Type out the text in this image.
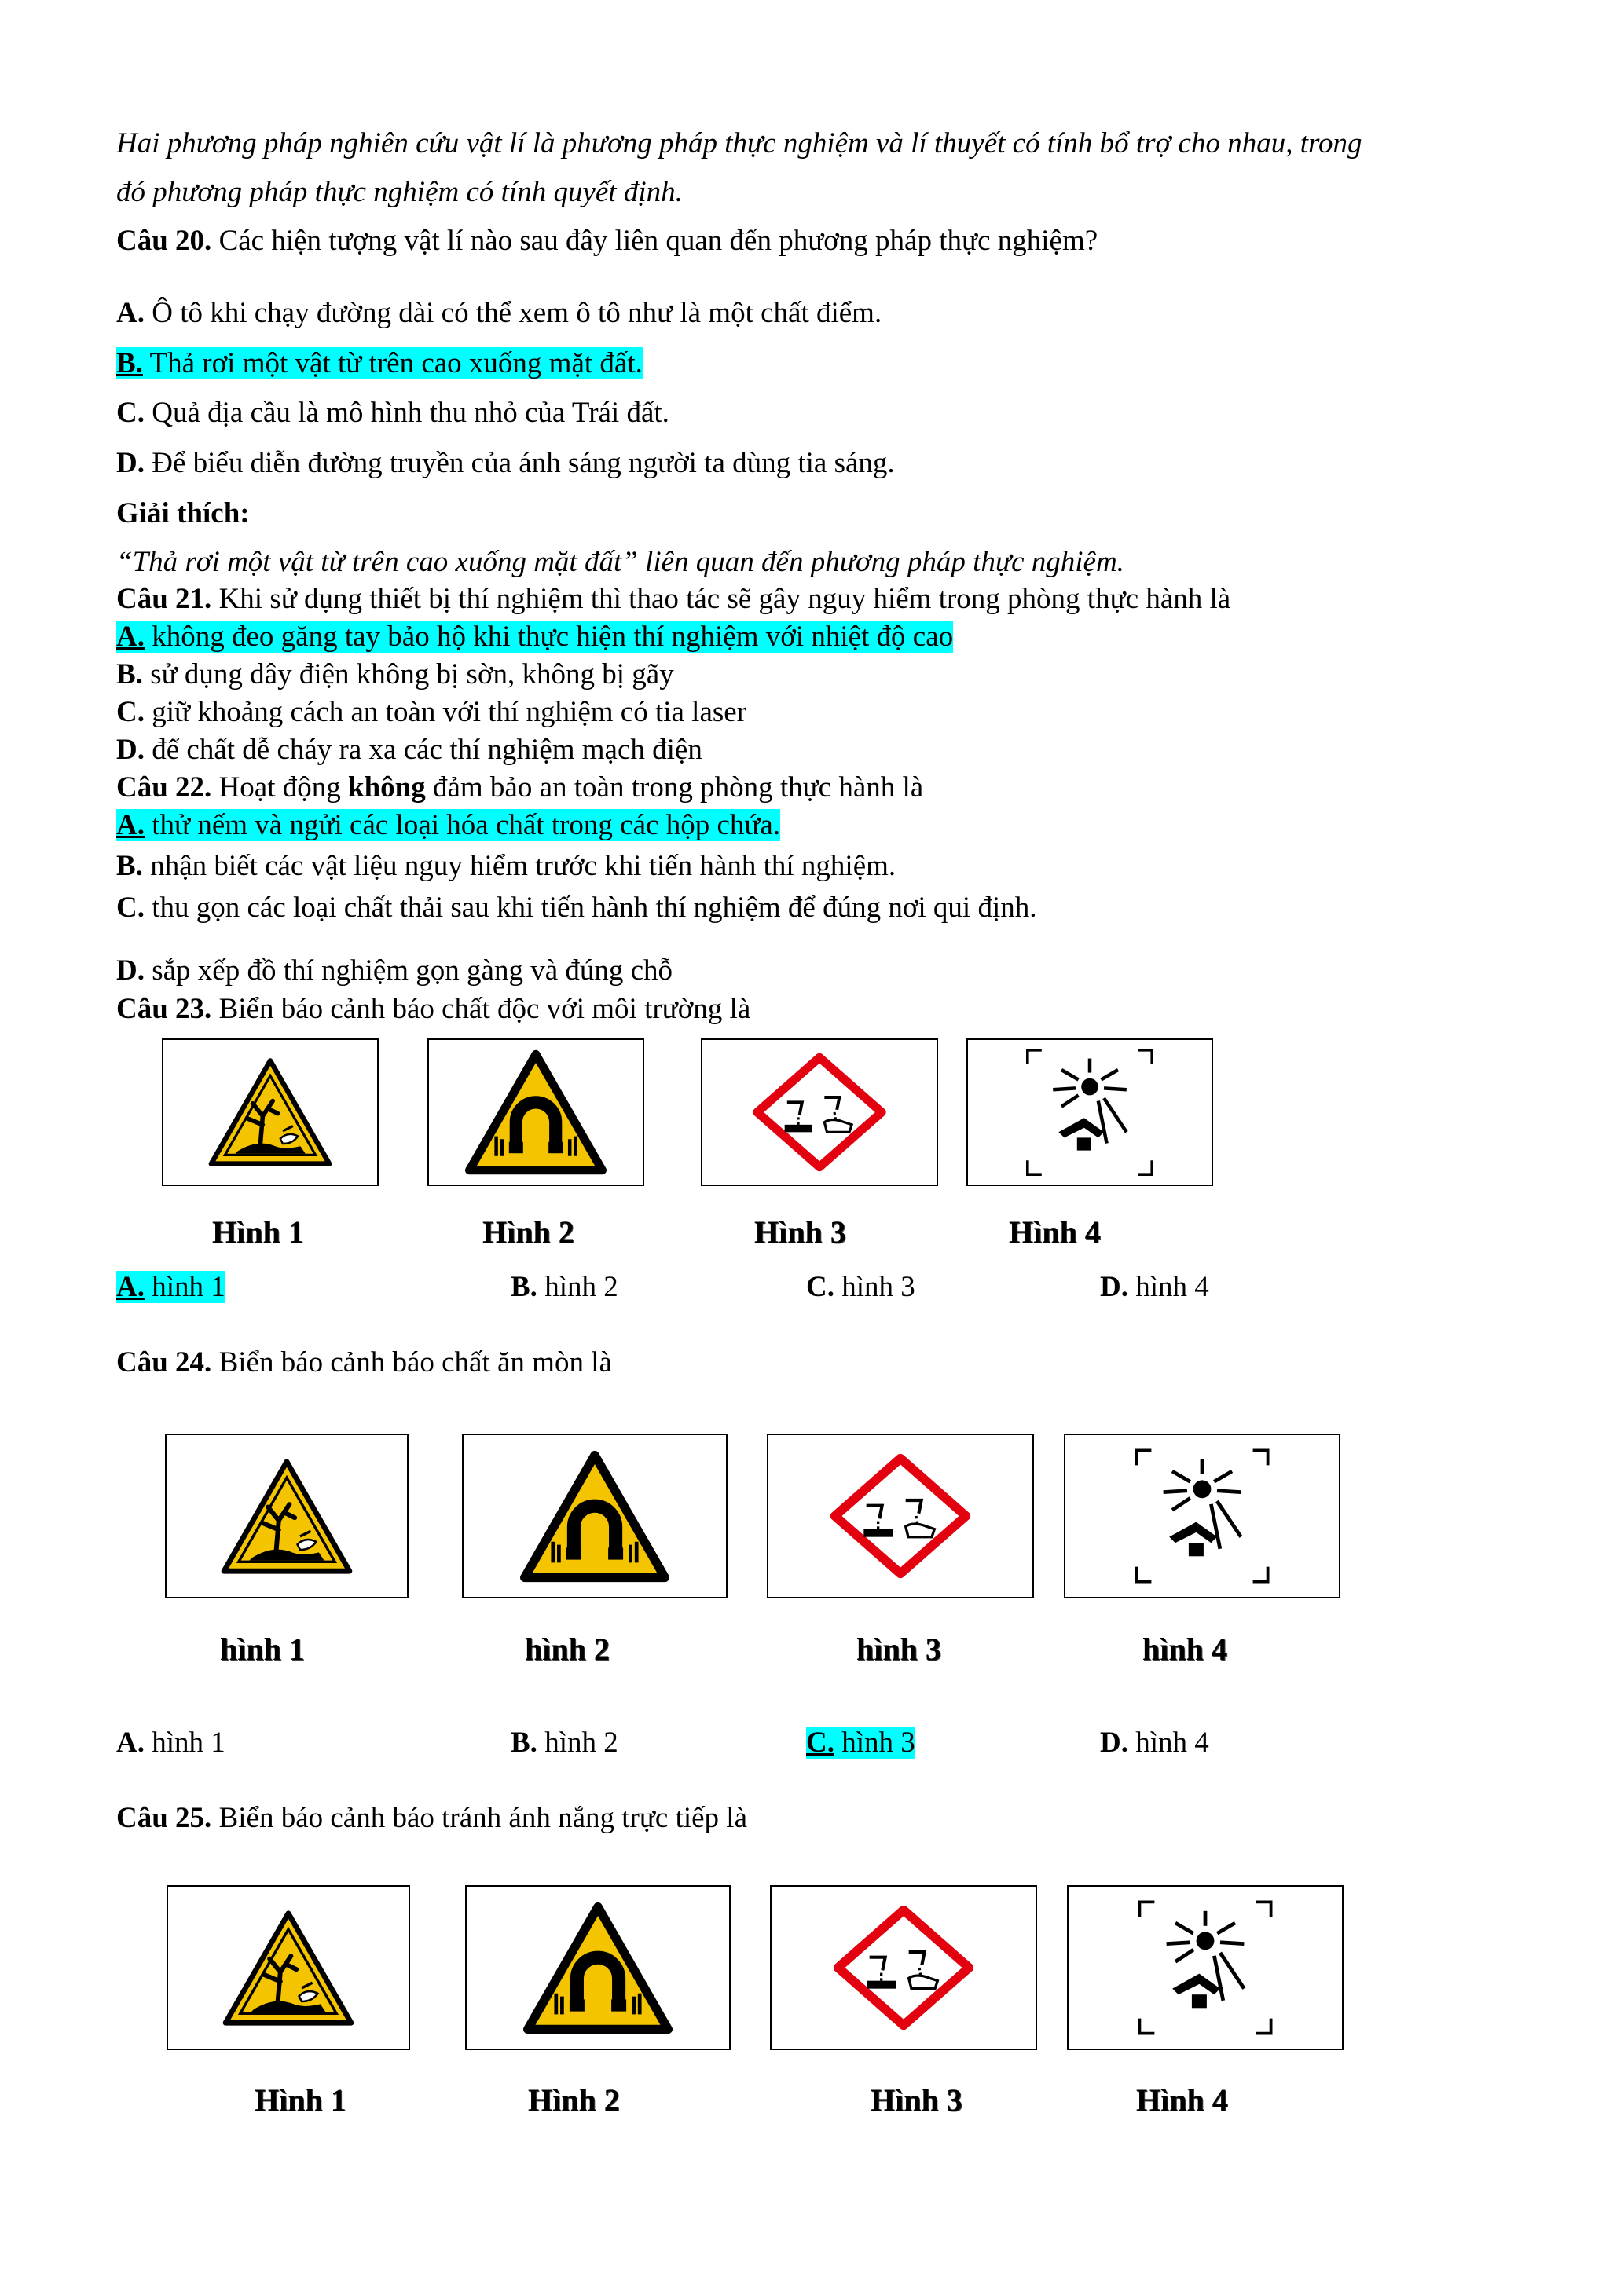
Hai phương pháp nghiên cứu vật lí là phương pháp thực nghiệm và lí thuyết có tính bổ trợ cho nhau, trong
đó phương pháp thực nghiệm có tính quyết định.
Câu 20. Các hiện tượng vật lí nào sau đây liên quan đến phương pháp thực nghiệm?
A. Ô tô khi chạy đường dài có thể xem ô tô như là một chất điểm.
B. Thả rơi một vật từ trên cao xuống mặt đất.
C. Quả địa cầu là mô hình thu nhỏ của Trái đất.
D. Để biểu diễn đường truyền của ánh sáng người ta dùng tia sáng.
Giải thích:
“Thả rơi một vật từ trên cao xuống mặt đất” liên quan đến phương pháp thực nghiệm.
Câu 21. Khi sử dụng thiết bị thí nghiệm thì thao tác sẽ gây nguy hiểm trong phòng thực hành là
A. không đeo găng tay bảo hộ khi thực hiện thí nghiệm với nhiệt độ cao
B. sử dụng dây điện không bị sờn, không bị gãy
C. giữ khoảng cách an toàn với thí nghiệm có tia laser
D. để chất dễ cháy ra xa các thí nghiệm mạch điện
Câu 22. Hoạt động không đảm bảo an toàn trong phòng thực hành là
A. thử nếm và ngửi các loại hóa chất trong các hộp chứa.
B. nhận biết các vật liệu nguy hiểm trước khi tiến hành thí nghiệm.
C. thu gọn các loại chất thải sau khi tiến hành thí nghiệm để đúng nơi qui định.
D. sắp xếp đồ thí nghiệm gọn gàng và đúng chỗ
Câu 23. Biển báo cảnh báo chất độc với môi trường là
Hình 1	Hình 2	Hình 3	Hình 4
A. hình 1	B. hình 2	C. hình 3	D. hình 4
Câu 24. Biển báo cảnh báo chất ăn mòn là
hình 1	hình 2	hình 3	hình 4
A. hình 1	B. hình 2	C. hình 3	D. hình 4
Câu 25. Biển báo cảnh báo tránh ánh nắng trực tiếp là
Hình 1	Hình 2	Hình 3	Hình 4
